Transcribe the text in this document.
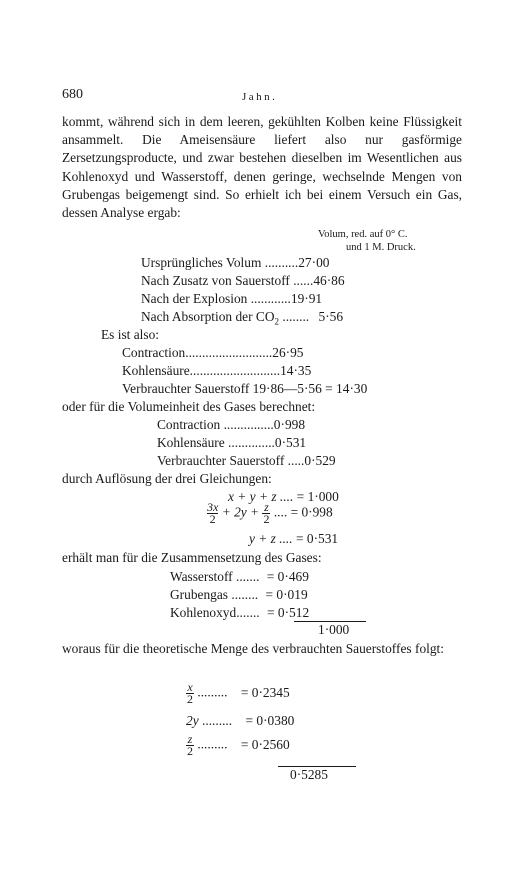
680	Jahn.
kommt, während sich in dem leeren, gekühlten Kolben keine Flüssigkeit ansammelt. Die Ameisensäure liefert also nur gasförmige Zersetzungsproducte, und zwar bestehen dieselben im Wesentlichen aus Kohlenoxyd und Wasserstoff, denen geringe, wechselnde Mengen von Grubengas beigemengt sind. So erhielt ich bei einem Versuch ein Gas, dessen Analyse ergab:
Volum, red. auf 0° C.
und 1 M. Druck.
Ursprüngliches Volum ..........27·00
Nach Zusatz von Sauerstoff ......46·86
Nach der Explosion ............19·91
Nach Absorption der $CO_2$ ........ 5·56
Es ist also:
Contraction..........................26·95
Kohlensäure...........................14·35
Verbrauchter Sauerstoff 19·86—5·56 = 14·30
oder für die Volumeinheit des Gases berechnet:
Contraction ...............0·998
Kohlensäure ..............0·531
Verbrauchter Sauerstoff .....0·529
durch Auflösung der drei Gleichungen:
x + y + z .... = 1·000
$\frac{3x}{2} + 2y + \frac{z}{2}$ .... = 0·998
y + z .... = 0·531
erhält man für die Zusammensetzung des Gases:
Wasserstoff ....... = 0·469
Grubengas ........ = 0·019
Kohlenoxyd....... = 0·512
1·000
woraus für die theoretische Menge des verbrauchten Sauerstoffes folgt:
$\frac{x}{2}$ ......... = 0·2345
2y ......... = 0·0380
$\frac{z}{2}$ ......... = 0·2560
0·5285
